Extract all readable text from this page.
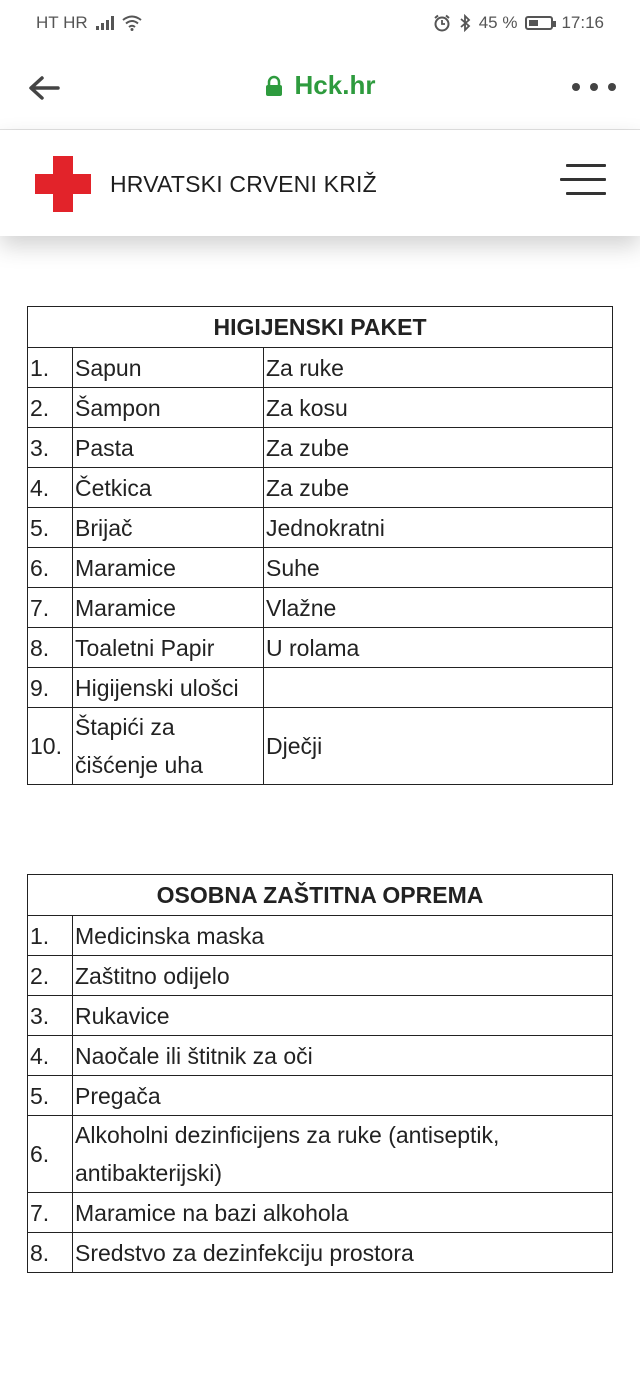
HT HR	45 %	17:16
Hck.hr
HRVATSKI CRVENI KRIŽ
HIGIJENSKI PAKET		
1.	Sapun	Za ruke
2.	Šampon	Za kosu
3.	Pasta	Za zube
4.	Četkica	Za zube
5.	Brijač	Jednokratni
6.	Maramice	Suhe
7.	Maramice	Vlažne
8.	Toaletni Papir	U rolama
9.	Higijenski ulošci	
10.	Štapići za čišćenje uha	Dječji
OSOBNA ZAŠTITNA OPREMA	
1.	Medicinska maska
2.	Zaštitno odijelo
3.	Rukavice
4.	Naočale ili štitnik za oči
5.	Pregača
6.	Alkoholni dezinficijens za ruke (antiseptik, antibakterijski)
7.	Maramice na bazi alkohola
8.	Sredstvo za dezinfekciju prostora
